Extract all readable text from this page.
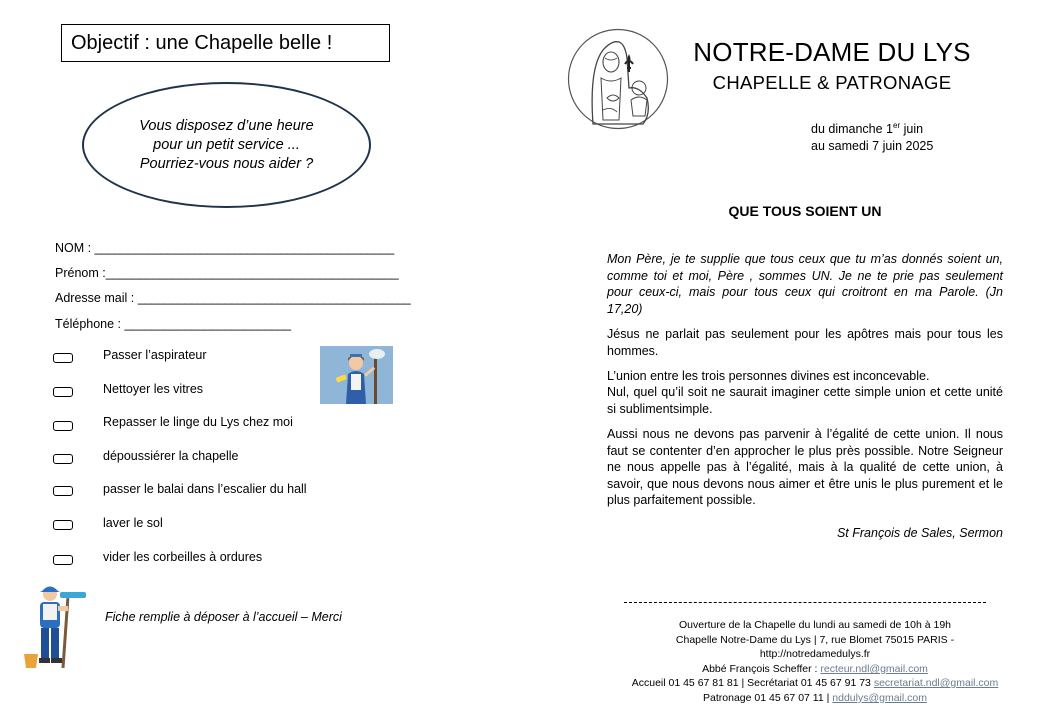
Objectif : une Chapelle belle !
Vous disposez d’une heure
pour un petit service ...
Pourriez-vous nous aider ?
NOM : _____________________________________________
Prénom :____________________________________________
Adresse mail : _________________________________________
Téléphone : _________________________
Passer l’aspirateur
Nettoyer les vitres
Repasser le linge du Lys chez moi
dépoussiérer la chapelle
passer le balai dans l’escalier du hall
laver le sol
vider les corbeilles à ordures
Fiche remplie à déposer à l’accueil – Merci
NOTRE-DAME DU LYS
CHAPELLE & PATRONAGE
du dimanche 1er juin
au samedi 7 juin 2025
QUE TOUS SOIENT UN
Mon Père, je te supplie que tous ceux que tu m’as donnés soient un, comme toi et moi, Père , sommes UN. Je ne te prie pas seulement pour ceux-ci, mais pour tous ceux qui croitront en ma Parole. (Jn 17,20)
Jésus ne parlait pas seulement pour les apôtres mais pour tous les hommes.
L’union entre les trois personnes divines est inconcevable.
Nul, quel qu’il soit ne saurait imaginer cette simple union et cette unité si sublimentsimple.
Aussi nous ne devons pas parvenir à l’égalité de cette union. Il nous faut se contenter d’en approcher le plus près possible. Notre Seigneur ne nous appelle pas à l’égalité, mais à la qualité de cette union, à savoir, que nous devons nous aimer et être unis le plus purement et le plus parfaitement possible.
St François de Sales, Sermon
Ouverture de la Chapelle du lundi au samedi de 10h à 19h
Chapelle Notre-Dame du Lys | 7, rue Blomet 75015 PARIS -
http://notredamedulys.fr
Abbé François Scheffer : recteur.ndl@gmail.com
Accueil 01 45 67 81 81 | Secrétariat 01 45 67 91 73 secretariat.ndl@gmail.com
Patronage 01 45 67 07 11 | nddulys@gmail.com
